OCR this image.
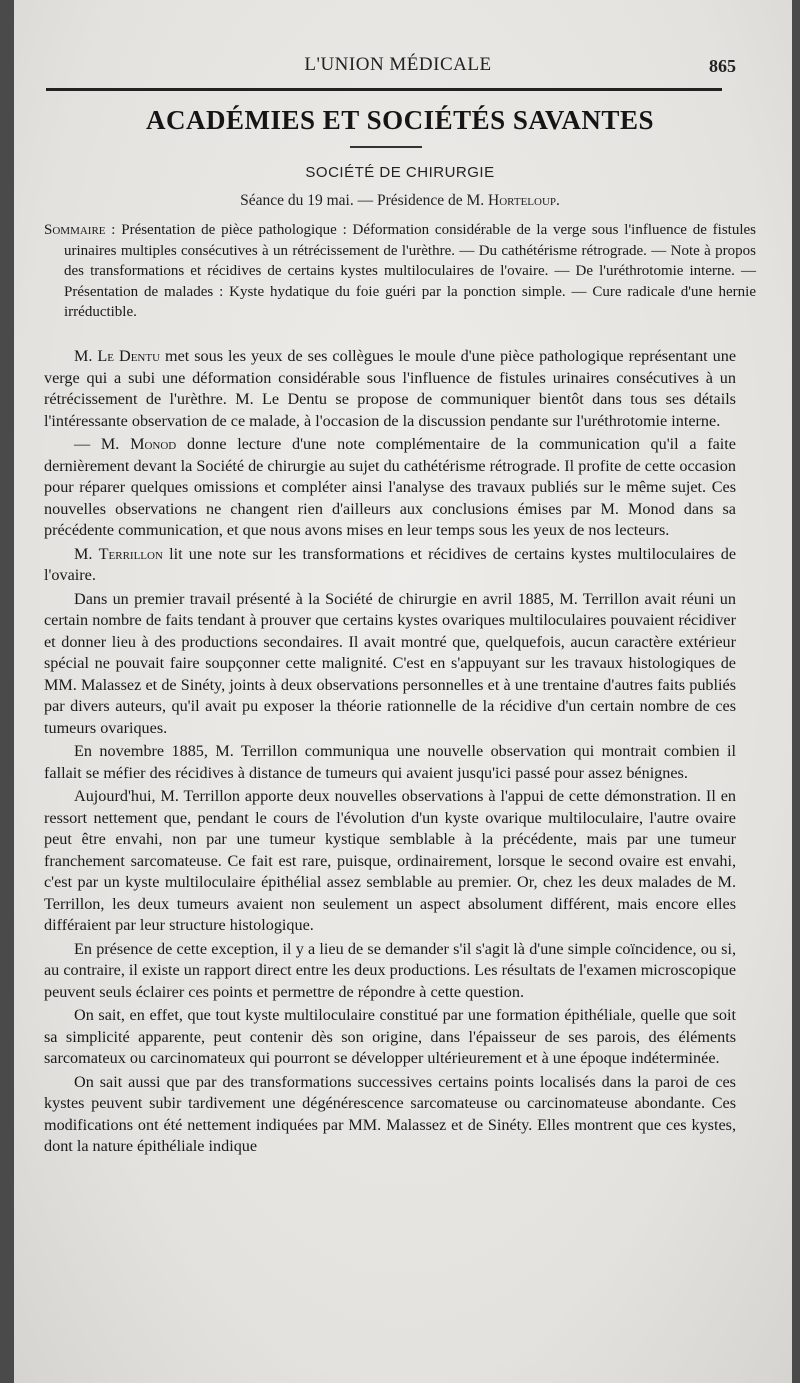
L'UNION MÉDICALE	865
ACADÉMIES ET SOCIÉTÉS SAVANTES
SOCIÉTÉ DE CHIRURGIE
Séance du 19 mai. — Présidence de M. Horteloup.
Sommaire : Présentation de pièce pathologique : Déformation considérable de la verge sous l'influence de fistules urinaires multiples consécutives à un rétrécissement de l'urèthre. — Du cathétérisme rétrograde. — Note à propos des transformations et récidives de certains kystes multiloculaires de l'ovaire. — De l'uréthrotomie interne. — Présentation de malades : Kyste hydatique du foie guéri par la ponction simple. — Cure radicale d'une hernie irréductible.

M. Le Dentu met sous les yeux de ses collègues le moule d'une pièce pathologique représentant une verge qui a subi une déformation considérable sous l'influence de fistules urinaires consécutives à un rétrécissement de l'urèthre. M. Le Dentu se propose de communiquer bientôt dans tous ses détails l'intéressante observation de ce malade, à l'occasion de la discussion pendante sur l'uréthrotomie interne.

— M. Monod donne lecture d'une note complémentaire de la communication qu'il a faite dernièrement devant la Société de chirurgie au sujet du cathétérisme rétrograde. Il profite de cette occasion pour réparer quelques omissions et compléter ainsi l'analyse des travaux publiés sur le même sujet. Ces nouvelles observations ne changent rien d'ailleurs aux conclusions émises par M. Monod dans sa précédente communication, et que nous avons mises en leur temps sous les yeux de nos lecteurs.

M. Terrillon lit une note sur les transformations et récidives de certains kystes multiloculaires de l'ovaire.

Dans un premier travail présenté à la Société de chirurgie en avril 1885, M. Terrillon avait réuni un certain nombre de faits tendant à prouver que certains kystes ovariques multiloculaires pouvaient récidiver et donner lieu à des productions secondaires. Il avait montré que, quelquefois, aucun caractère extérieur spécial ne pouvait faire soupçonner cette malignité. C'est en s'appuyant sur les travaux histologiques de MM. Malassez et de Sinéty, joints à deux observations personnelles et à une trentaine d'autres faits publiés par divers auteurs, qu'il avait pu exposer la théorie rationnelle de la récidive d'un certain nombre de ces tumeurs ovariques.

En novembre 1885, M. Terrillon communiqua une nouvelle observation qui montrait combien il fallait se méfier des récidives à distance de tumeurs qui avaient jusqu'ici passé pour assez bénignes.

Aujourd'hui, M. Terrillon apporte deux nouvelles observations à l'appui de cette démonstration. Il en ressort nettement que, pendant le cours de l'évolution d'un kyste ovarique multiloculaire, l'autre ovaire peut être envahi, non par une tumeur kystique semblable à la précédente, mais par une tumeur franchement sarcomateuse. Ce fait est rare, puisque, ordinairement, lorsque le second ovaire est envahi, c'est par un kyste multiloculaire épithélial assez semblable au premier. Or, chez les deux malades de M. Terrillon, les deux tumeurs avaient non seulement un aspect absolument différent, mais encore elles différaient par leur structure histologique.

En présence de cette exception, il y a lieu de se demander s'il s'agit là d'une simple coïncidence, ou si, au contraire, il existe un rapport direct entre les deux productions. Les résultats de l'examen microscopique peuvent seuls éclairer ces points et permettre de répondre à cette question.

On sait, en effet, que tout kyste multiloculaire constitué par une formation épithéliale, quelle que soit sa simplicité apparente, peut contenir dès son origine, dans l'épaisseur de ses parois, des éléments sarcomateux ou carcinomateux qui pourront se développer ultérieurement et à une époque indéterminée.

On sait aussi que par des transformations successives certains points localisés dans la paroi de ces kystes peuvent subir tardivement une dégénérescence sarcomateuse ou carcinomateuse abondante. Ces modifications ont été nettement indiquées par MM. Malassez et de Sinéty. Elles montrent que ces kystes, dont la nature épithéliale indique
